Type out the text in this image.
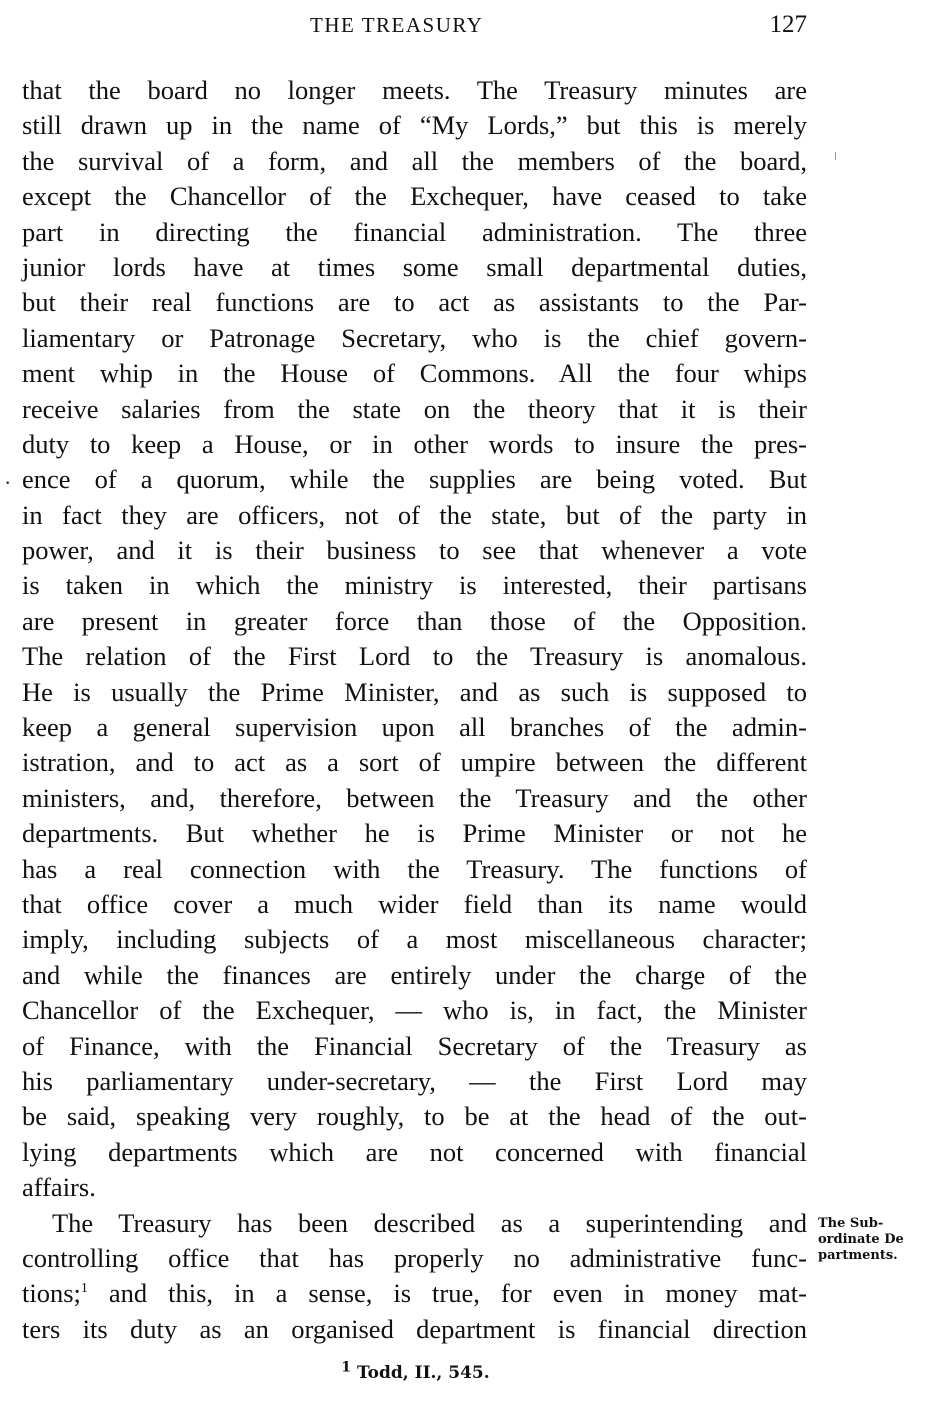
THE TREASURY	127
·
that the board no longer meets. The Treasury minutes are
still drawn up in the name of “My Lords,” but this is merely
the survival of a form, and all the members of the board,
except the Chancellor of the Exchequer, have ceased to take
part in directing the financial administration. The three
junior lords have at times some small departmental duties,
but their real functions are to act as assistants to the Par-
liamentary or Patronage Secretary, who is the chief govern-
ment whip in the House of Commons. All the four whips
receive salaries from the state on the theory that it is their
duty to keep a House, or in other words to insure the pres-
ence of a quorum, while the supplies are being voted. But
in fact they are officers, not of the state, but of the party in
power, and it is their business to see that whenever a vote
is taken in which the ministry is interested, their partisans
are present in greater force than those of the Opposition.
The relation of the First Lord to the Treasury is anomalous.
He is usually the Prime Minister, and as such is supposed to
keep a general supervision upon all branches of the admin-
istration, and to act as a sort of umpire between the different
ministers, and, therefore, between the Treasury and the other
departments. But whether he is Prime Minister or not he
has a real connection with the Treasury. The functions of
that office cover a much wider field than its name would
imply, including subjects of a most miscellaneous character;
and while the finances are entirely under the charge of the
Chancellor of the Exchequer, — who is, in fact, the Minister
of Finance, with the Financial Secretary of the Treasury as
his parliamentary under-secretary, — the First Lord may
be said, speaking very roughly, to be at the head of the out-
lying departments which are not concerned with financial
affairs.
The Treasury has been described as a superintending and
controlling office that has properly no administrative func-
tions;$^1$ and this, in a sense, is true, for even in money mat-
ters its duty as an organised department is financial direction
The Sub-
ordinate De
partments.
$^1$ Todd, II., 545.
